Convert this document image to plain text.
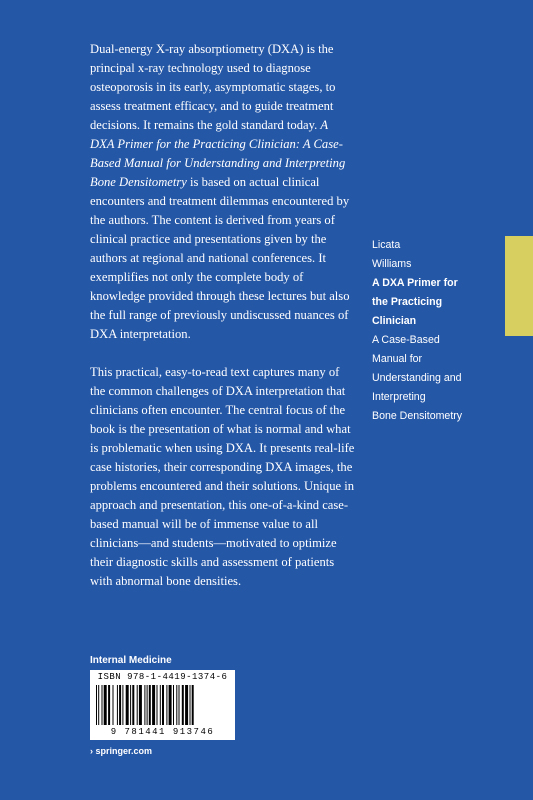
Dual-energy X-ray absorptiometry (DXA) is the principal x-ray technology used to diagnose osteoporosis in its early, asymptomatic stages, to assess treatment efficacy, and to guide treatment decisions. It remains the gold standard today. A DXA Primer for the Practicing Clinician: A Case-Based Manual for Understanding and Interpreting Bone Densitometry is based on actual clinical encounters and treatment dilemmas encountered by the authors. The content is derived from years of clinical practice and presentations given by the authors at regional and national conferences. It exemplifies not only the complete body of knowledge provided through these lectures but also the full range of previously undiscussed nuances of DXA interpretation.

This practical, easy-to-read text captures many of the common challenges of DXA interpretation that clinicians often encounter. The central focus of the book is the presentation of what is normal and what is problematic when using DXA. It presents real-life case histories, their corresponding DXA images, the problems encountered and their solutions. Unique in approach and presentation, this one-of-a-kind case-based manual will be of immense value to all clinicians—and students—motivated to optimize their diagnostic skills and assessment of patients with abnormal bone densities.

Licata
Williams
A DXA Primer for
the Practicing
Clinician
A Case-Based
Manual for
Understanding and
Interpreting
Bone Densitometry
Internal Medicine
ISBN 978-1-4419-1374-6
9 781441 913746
› springer.com
